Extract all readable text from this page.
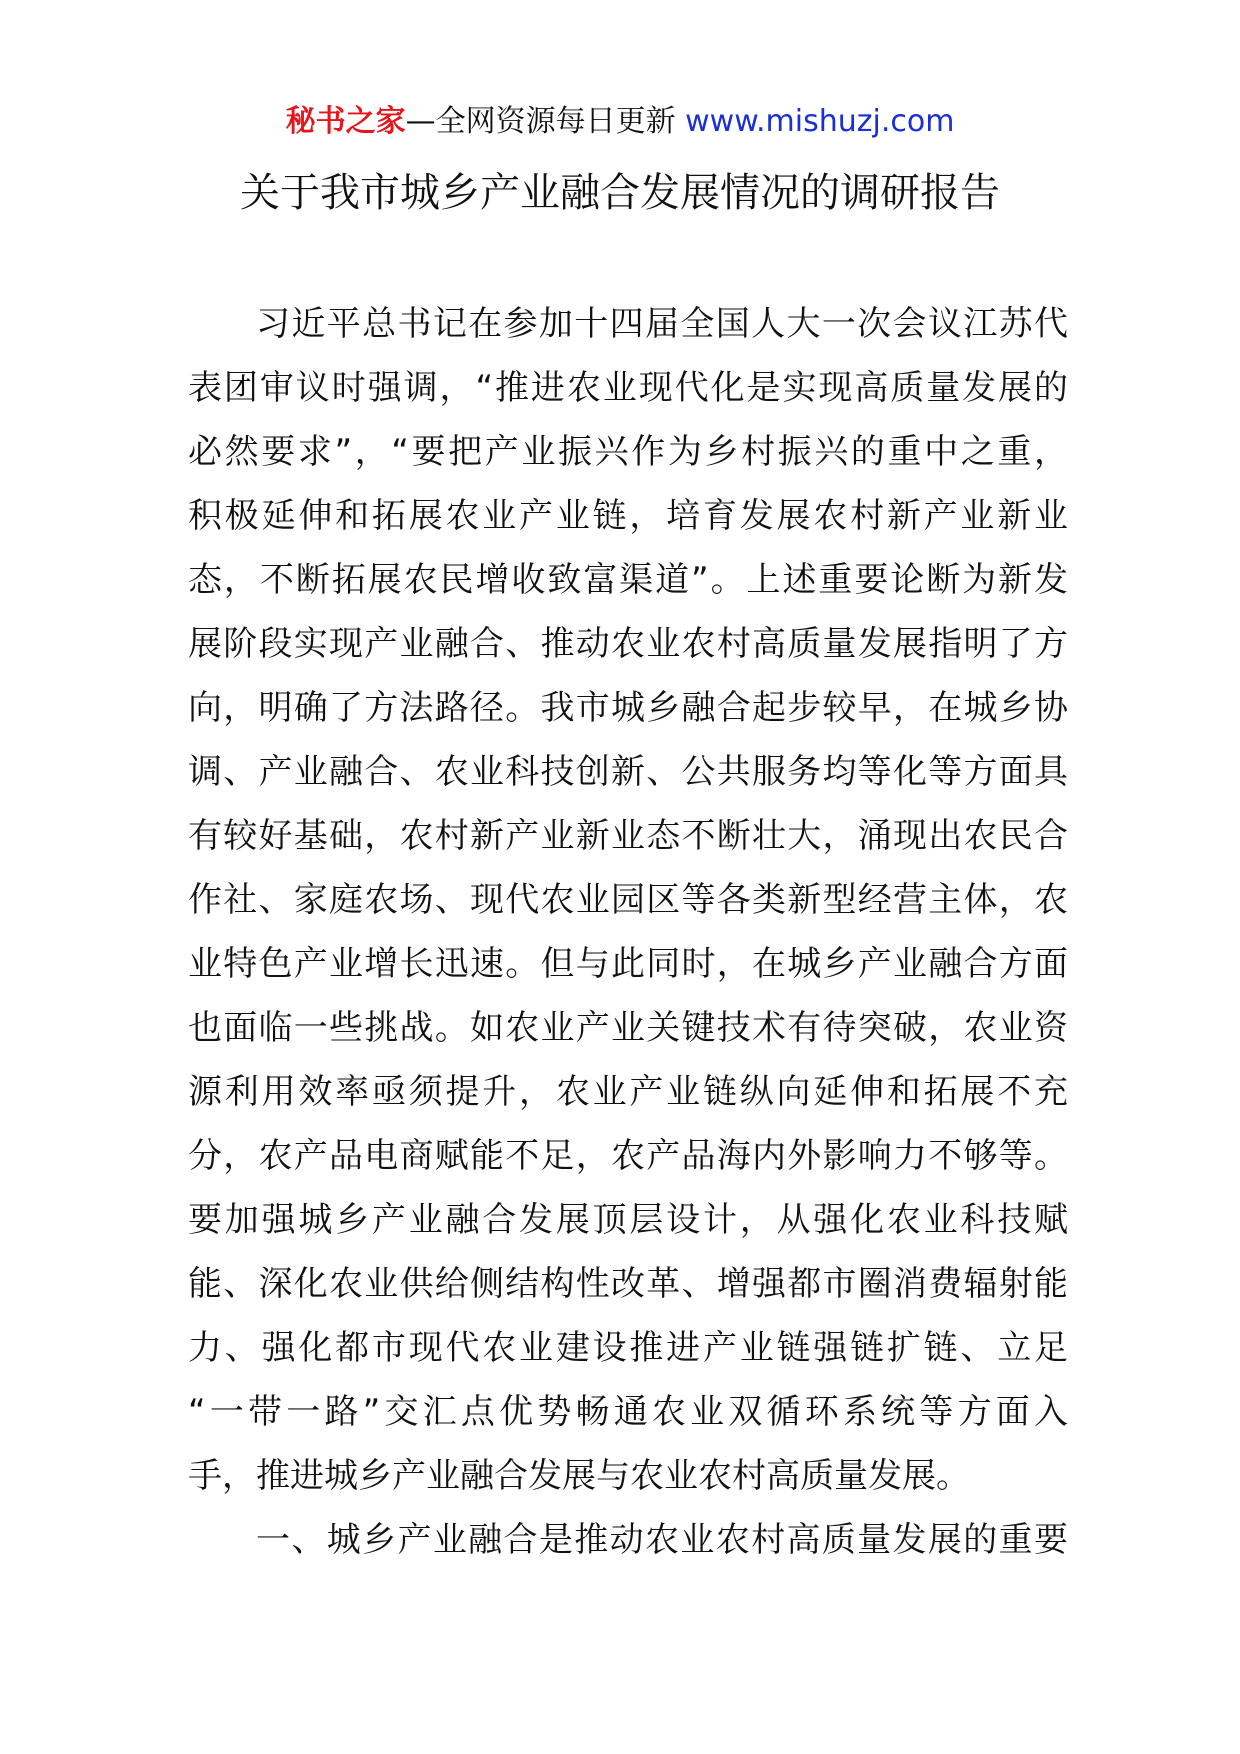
秘书之家—全网资源每日更新 www.mishuzj.com
关于我市城乡产业融合发展情况的调研报告
习近平总书记在参加十四届全国人大一次会议江苏代
表团审议时强调，“推进农业现代化是实现高质量发展的
必然要求”，“要把产业振兴作为乡村振兴的重中之重，
积极延伸和拓展农业产业链，培育发展农村新产业新业
态，不断拓展农民增收致富渠道”。上述重要论断为新发
展阶段实现产业融合、推动农业农村高质量发展指明了方
向，明确了方法路径。我市城乡融合起步较早，在城乡协
调、产业融合、农业科技创新、公共服务均等化等方面具
有较好基础，农村新产业新业态不断壮大，涌现出农民合
作社、家庭农场、现代农业园区等各类新型经营主体，农
业特色产业增长迅速。但与此同时，在城乡产业融合方面
也面临一些挑战。如农业产业关键技术有待突破，农业资
源利用效率亟须提升，农业产业链纵向延伸和拓展不充
分，农产品电商赋能不足，农产品海内外影响力不够等。
要加强城乡产业融合发展顶层设计，从强化农业科技赋
能、深化农业供给侧结构性改革、增强都市圈消费辐射能
力、强化都市现代农业建设推进产业链强链扩链、立足
“一带一路”交汇点优势畅通农业双循环系统等方面入
手，推进城乡产业融合发展与农业农村高质量发展。
一、城乡产业融合是推动农业农村高质量发展的重要
